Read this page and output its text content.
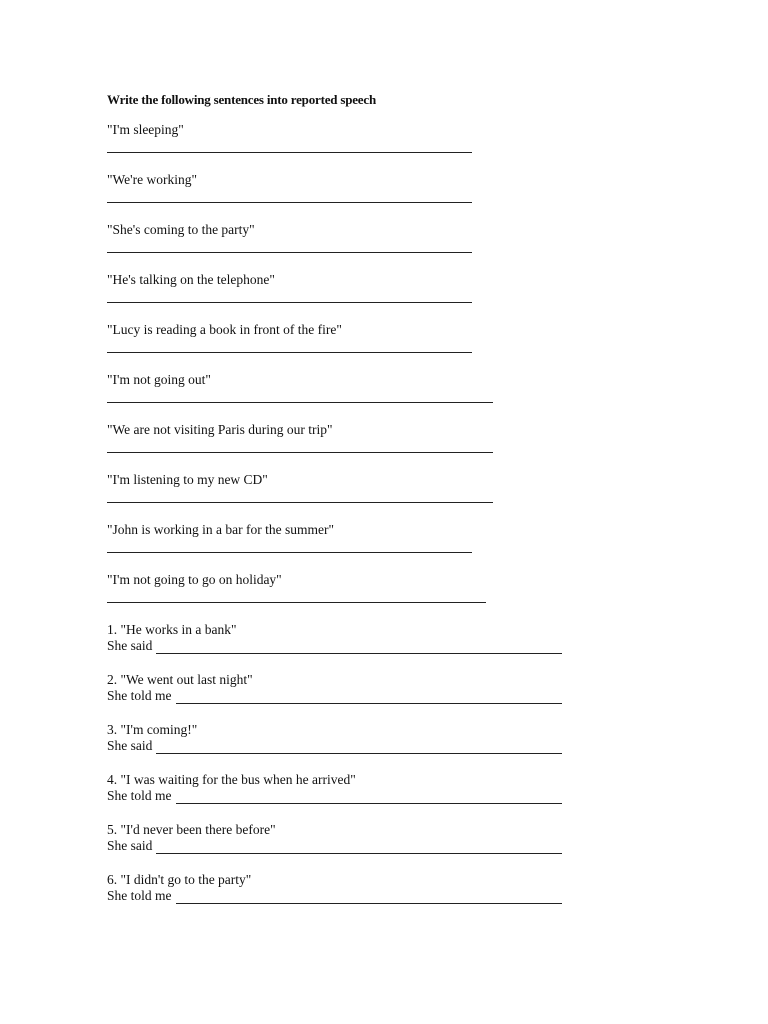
Write the following sentences into reported speech
"I'm sleeping"
"We're working"
"She's coming to the party"
"He's talking on the telephone"
"Lucy is reading a book in front of the fire"
"I'm not going out"
"We are not visiting Paris during our trip"
"I'm listening to my new CD"
"John is working in a bar for the summer"
"I'm not going to go on holiday"
1. "He works in a bank"
She said
2. "We went out last night"
She told me
3. "I'm coming!"
She said
4. "I was waiting for the bus when he arrived"
She told me
5. "I'd never been there before"
She said
6. "I didn't go to the party"
She told me
